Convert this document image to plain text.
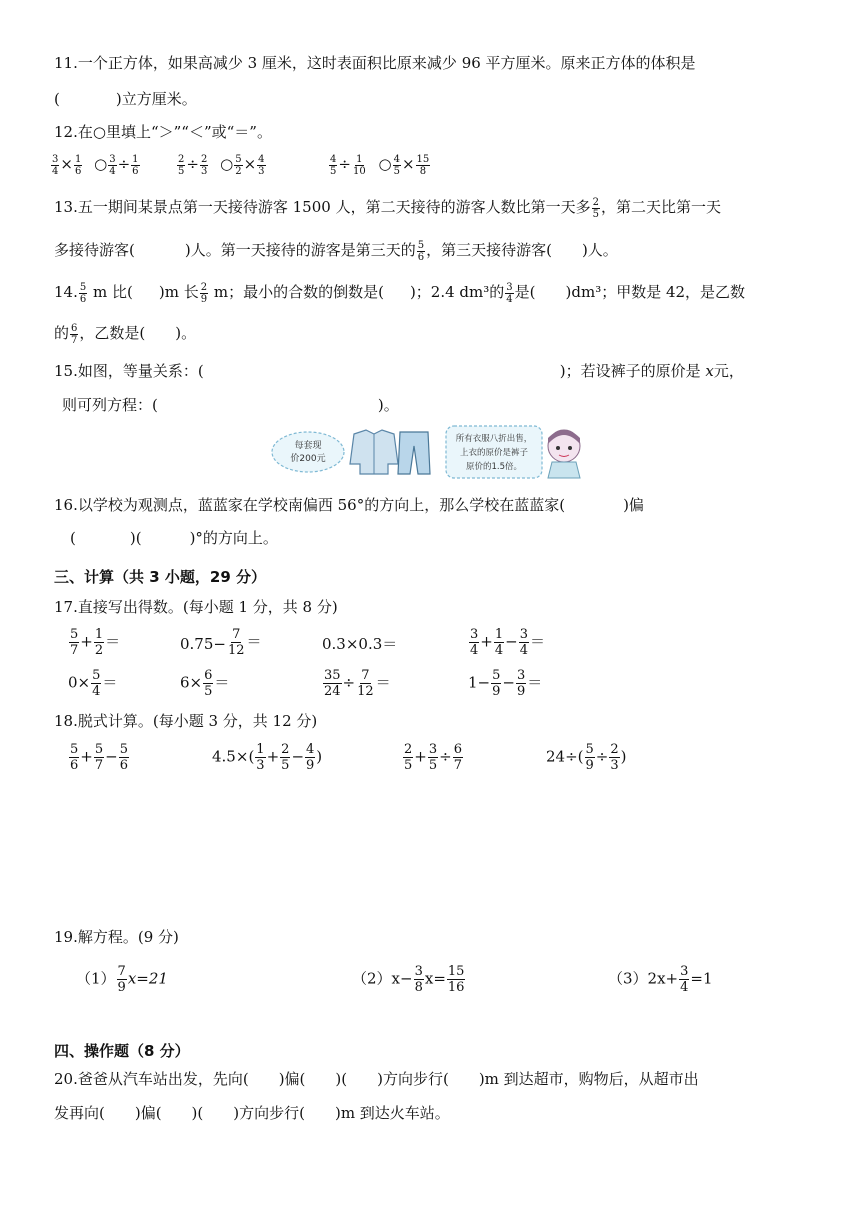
11.一个正方体，如果高减少 3 厘米，这时表面积比原来减少 96 平方厘米。原来正方体的体积是
(	)立方厘米。
12.在○里填上“＞”“＜”或“＝”。
$\frac{3}{4} \times \frac{1}{6}$ ○ $\frac{3}{4} \div \frac{1}{6}$	$\frac{2}{5} \div \frac{2}{3}$ ○ $\frac{5}{2} \times \frac{4}{3}$	$\frac{4}{5} \div \frac{1}{10}$ ○ $\frac{4}{5} \times \frac{15}{8}$
13.五一期间某景点第一天接待游客 1500 人，第二天接待的游客人数比第一天多 $\frac{2}{5}$ ，第二天比第一天
多接待游客(	)人。第一天接待的游客是第三天的 $\frac{5}{6}$ ，第三天接待游客( )人。
14. $\frac{5}{6}$ m 比( )m 长 $\frac{2}{9}$ m；最小的合数的倒数是( )；2.4 dm³的 $\frac{3}{4}$ 是( )dm³；甲数是 42，是乙数
的 $\frac{6}{7}$ ，乙数是( )。
15.如图，等量关系：(	)；若设裤子的原价是 x元，
则可列方程：(	)。
每套现
价200元
所有衣服八折出售，
上衣的原价是裤子
原价的1.5倍。
16.以学校为观测点，蓝蓝家在学校南偏西 56°的方向上，那么学校在蓝蓝家(	)偏
(	)(	)°的方向上。
三、计算（共 3 小题，29 分）
17.直接写出得数。(每小题 1 分，共 8 分)
$\frac{5}{7} + \frac{1}{2}$ ＝	$0.75- \frac{7}{12}$ ＝	0.3×0.3＝	$\frac{3}{4} + \frac{1}{4} - \frac{3}{4}$ ＝
$0\times \frac{5}{4}$ ＝	$6\times \frac{6}{5}$ ＝	$\frac{35}{24} \div \frac{7}{12}$ ＝	$1- \frac{5}{9} - \frac{3}{9}$ ＝
18.脱式计算。(每小题 3 分，共 12 分)
$\frac{5}{6} + \frac{5}{7} - \frac{5}{6}$	$4.5\times( \frac{1}{3} + \frac{2}{5} - \frac{4}{9}$ )	$\frac{2}{5} + \frac{3}{5} \div \frac{6}{7}$	$24\div( \frac{5}{9} \div \frac{2}{3}$ )
19.解方程。(9 分)
$(1) \frac{7}{9} x=21$	$(2)x- \frac{3}{8} x= \frac{15}{16}$	$(3)2x+ \frac{3}{4} =1$
四、操作题（8 分）
20.爸爸从汽车站出发，先向(　　)偏(　　)(　　)方向步行(　　)m 到达超市，购物后，从超市出
发再向(　　)偏(　　)(　　)方向步行(　　)m 到达火车站。
